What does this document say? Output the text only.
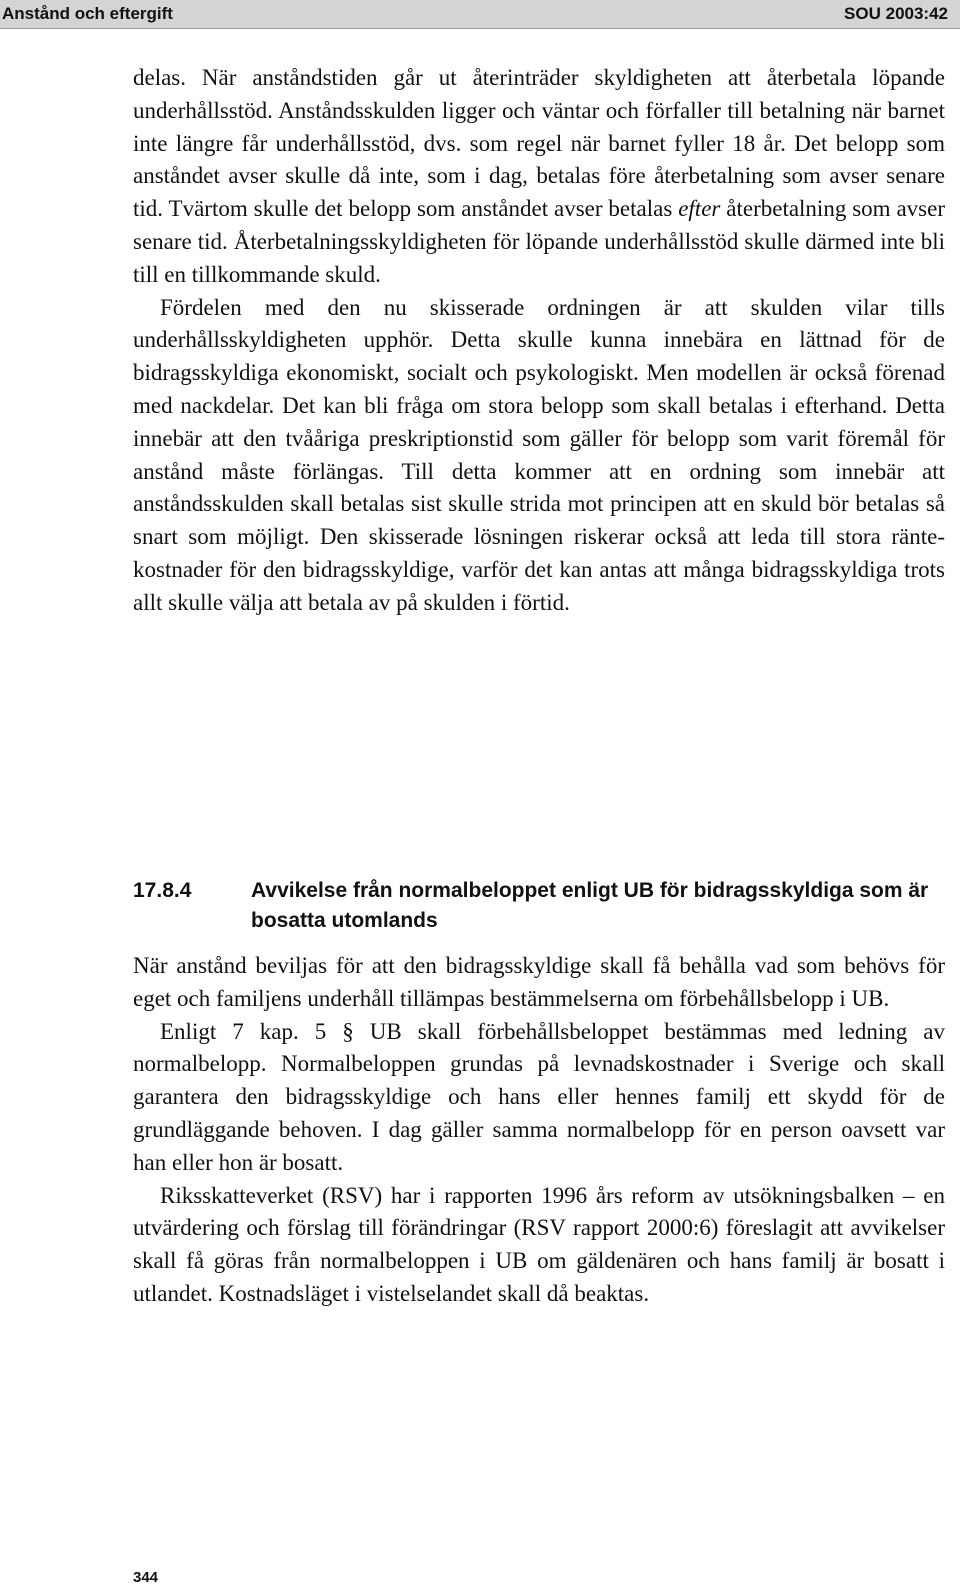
Anstånd och eftergift	SOU 2003:42

delas. När anståndstiden går ut återinträder skyldigheten att återbetala löpande underhållsstöd. Anståndsskulden ligger och väntar och förfaller till betalning när barnet inte längre får underhållsstöd, dvs. som regel när barnet fyller 18 år. Det belopp som anståndet avser skulle då inte, som i dag, betalas före återbetalning som avser senare tid. Tvärtom skulle det belopp som anståndet avser betalas efter återbetalning som avser senare tid. Återbetalningsskyldigheten för löpande underhållsstöd skulle därmed inte bli till en tillkommande skuld.

Fördelen med den nu skisserade ordningen är att skulden vilar tills underhållsskyldigheten upphör. Detta skulle kunna innebära en lättnad för de bidragsskyldiga ekonomiskt, socialt och psykologiskt. Men modellen är också förenad med nackdelar. Det kan bli fråga om stora belopp som skall betalas i efterhand. Detta innebär att den tvååriga preskriptionstid som gäller för belopp som varit föremål för anstånd måste förlängas. Till detta kommer att en ordning som innebär att anståndsskulden skall betalas sist skulle strida mot principen att en skuld bör betalas så snart som möjligt. Den skisserade lösningen riskerar också att leda till stora räntekostnader för den bidragsskyldige, varför det kan antas att många bidragsskyldiga trots allt skulle välja att betala av på skulden i förtid.

17.8.4	Avvikelse från normalbeloppet enligt UB för bidragsskyldiga som är bosatta utomlands

När anstånd beviljas för att den bidragsskyldige skall få behålla vad som behövs för eget och familjens underhåll tillämpas bestämmelserna om förbehållsbelopp i UB.

Enligt 7 kap. 5 § UB skall förbehållsbeloppet bestämmas med ledning av normalbelopp. Normalbeloppen grundas på levnadskostnader i Sverige och skall garantera den bidragsskyldige och hans eller hennes familj ett skydd för de grundläggande behoven. I dag gäller samma normalbelopp för en person oavsett var han eller hon är bosatt.

Riksskatteverket (RSV) har i rapporten 1996 års reform av utsökningsbalken – en utvärdering och förslag till förändringar (RSV rapport 2000:6) föreslagit att avvikelser skall få göras från normalbeloppen i UB om gäldenären och hans familj är bosatt i utlandet. Kostnadsläget i vistelselandet skall då beaktas.

344
